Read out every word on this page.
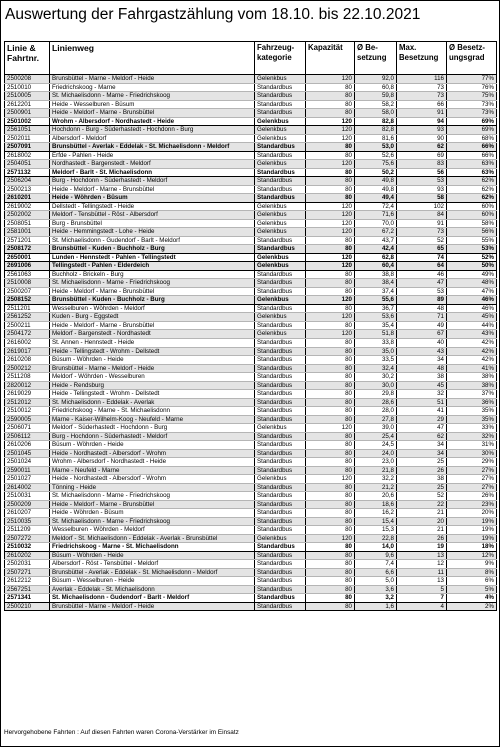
Auswertung der Fahrgastzählung vom 18.10. bis 22.10.2021
Linie & Fahrtnr.	Linienweg	Fahrzeug-kategorie	Kapazität	Ø Be-setzung	Max. Besetzung	Ø Besetz-ungsgrad
2500208	Brunsbüttel - Marne - Meldorf - Heide	Gelenkbus	120	92,0	116	77%
2510010	Friedrichskoog - Marne	Standardbus	80	60,8	73	76%
2510005	St. Michaelisdonn - Marne - Friedrichskoog	Standardbus	80	59,8	73	75%
2612201	Heide - Wesselburen - Büsum	Standardbus	80	58,2	66	73%
2500901	Heide - Meldorf - Marne - Brunsbüttel	Standardbus	80	58,0	91	73%
2501002	Wrohm - Albersdorf - Nordhastedt - Heide	Gelenkbus	120	82,8	94	69%
2561051	Hochdonn - Burg - Süderhastedt - Hochdonn - Burg	Gelenkbus	120	82,8	93	69%
2502011	Albersdorf - Meldorf	Gelenkbus	120	81,6	90	68%
2507091	Brunsbüttel - Averlak - Eddelak - St. Michaelisdonn - Meldorf	Standardbus	80	53,0	62	66%
2618002	Erfde - Pahlen - Heide	Standardbus	80	52,6	69	66%
2504051	Nordhastedt - Bargenstedt - Meldorf	Gelenkbus	120	75,6	83	63%
2571132	Meldorf - Barlt - St. Michaelisdonn	Standardbus	80	50,2	56	63%
2506204	Burg - Hochdonn - Süderhastedt - Meldorf	Standardbus	80	49,8	53	62%
2500213	Heide - Meldorf - Marne - Brunsbüttel	Standardbus	80	49,8	93	62%
2610201	Heide - Wöhrden - Büsum	Standardbus	80	49,4	58	62%
2619002	Dellstedt - Tellingstedt - Heide	Gelenkbus	120	72,4	102	60%
2502002	Meldorf - Tensbüttel - Röst - Albersdorf	Gelenkbus	120	71,6	84	60%
2508051	Burg - Brunsbüttel	Gelenkbus	120	70,0	91	58%
2581001	Heide - Hemmingstedt - Lohe - Heide	Gelenkbus	120	67,2	73	56%
2571201	St. Michaelisdonn - Gudendorf - Barlt - Meldorf	Standardbus	80	43,7	52	55%
2508172	Brunsbüttel - Kuden - Buchholz - Burg	Standardbus	80	42,4	65	53%
2650001	Lunden - Hennstedt - Pahlen - Tellingstedt	Gelenkbus	120	62,8	74	52%
2691006	Tellingstedt - Pahlen - Elderdeich	Gelenkbus	120	60,4	64	50%
2561063	Buchholz - Brickeln - Burg	Standardbus	80	38,8	46	49%
2510008	St. Michaelisdonn - Marne - Friedrichskoog	Standardbus	80	38,4	47	48%
2500207	Heide - Meldorf - Marne - Brunsbüttel	Standardbus	80	37,4	53	47%
2508152	Brunsbüttel - Kuden - Buchholz - Burg	Gelenkbus	120	55,6	89	46%
2511201	Wesselburen - Wöhrden - Meldorf	Standardbus	80	36,7	48	46%
2561252	Kuden - Burg - Eggstedt	Gelenkbus	120	53,6	71	45%
2500211	Heide - Meldorf - Marne - Brunsbüttel	Standardbus	80	35,4	49	44%
2504172	Meldorf - Bargenstedt - Nordhastedt	Gelenkbus	120	51,8	67	43%
2616002	St. Annen - Hennstedt - Heide	Standardbus	80	33,8	40	42%
2619017	Heide - Tellingstedt - Wrohm - Dellstedt	Standardbus	80	35,0	43	42%
2610208	Büsum - Wöhrden - Heide	Standardbus	80	33,5	34	42%
2500212	Brunsbüttel - Marne - Meldorf - Heide	Standardbus	80	32,4	48	41%
2511208	Meldorf - Wöhrden - Wesselburen	Standardbus	80	30,2	38	38%
2820012	Heide - Rendsburg	Standardbus	80	30,0	45	38%
2619029	Heide - Tellingstedt - Wrohm - Dellstedt	Standardbus	80	29,8	32	37%
2512012	St. Michaelisdonn - Eddelak - Averlak	Standardbus	80	28,6	51	36%
2510012	Friedrichskoog - Marne - St. Michaelisdonn	Standardbus	80	28,0	41	35%
2590005	Marne - Kaiser-Wilhelm-Koog - Neufeld - Marne	Standardbus	80	27,8	29	35%
2506071	Meldorf - Süderhastedt - Hochdonn - Burg	Gelenkbus	120	39,0	47	33%
2506112	Burg - Hochdonn - Süderhastedt - Meldorf	Standardbus	80	25,4	62	32%
2610206	Büsum - Wöhrden - Heide	Standardbus	80	24,5	34	31%
2501045	Heide - Nordhastedt - Albersdorf - Wrohm	Standardbus	80	24,0	34	30%
2501024	Wrohm - Albersdorf - Nordhastedt - Heide	Standardbus	80	23,0	25	29%
2590011	Marne - Neufeld - Marne	Standardbus	80	21,8	26	27%
2501027	Heide - Nordhastedt - Albersdorf - Wrohm	Gelenkbus	120	32,2	38	27%
2614002	Tönning - Heide	Standardbus	80	21,2	25	27%
2510031	St. Michaelisdonn - Marne - Friedrichskoog	Standardbus	80	20,6	52	26%
2500209	Heide - Meldorf - Marne - Brunsbüttel	Standardbus	80	18,6	22	23%
2610207	Heide - Wöhrden - Büsum	Standardbus	80	16,2	21	20%
2510035	St. Michaelisdonn - Marne - Friedrichskoog	Standardbus	80	15,4	20	19%
2511209	Wesselburen - Wöhrden - Meldorf	Standardbus	80	15,3	21	19%
2507272	Meldorf - St. Michaelisdonn - Eddelak - Averlak - Brunsbüttel	Gelenkbus	120	22,8	26	19%
2510032	Friedrichskoog - Marne - St. Michaelisdonn	Standardbus	80	14,0	19	18%
2610202	Büsum - Wöhrden - Heide	Standardbus	80	9,6	13	12%
2502031	Albersdorf - Röst - Tensbüttel - Meldorf	Standardbus	80	7,4	12	9%
2507271	Brunsbüttel - Averlak - Eddelak - St. Michaelisdonn - Meldorf	Standardbus	80	6,6	11	8%
2612212	Büsum - Wesselburen - Heide	Standardbus	80	5,0	13	6%
2567251	Averlak - Eddelak - St. Michaelisdonn	Standardbus	80	3,6	5	5%
2571341	St. Michaelisdonn - Gudendorf - Barlt - Meldorf	Standardbus	80	3,2	7	4%
2500210	Brunsbüttel - Marne - Meldorf - Heide	Standardbus	80	1,6	4	2%
Hervorgehobene Fahrten : Auf diesen Fahrten waren Corona-Verstärker im Einsatz
